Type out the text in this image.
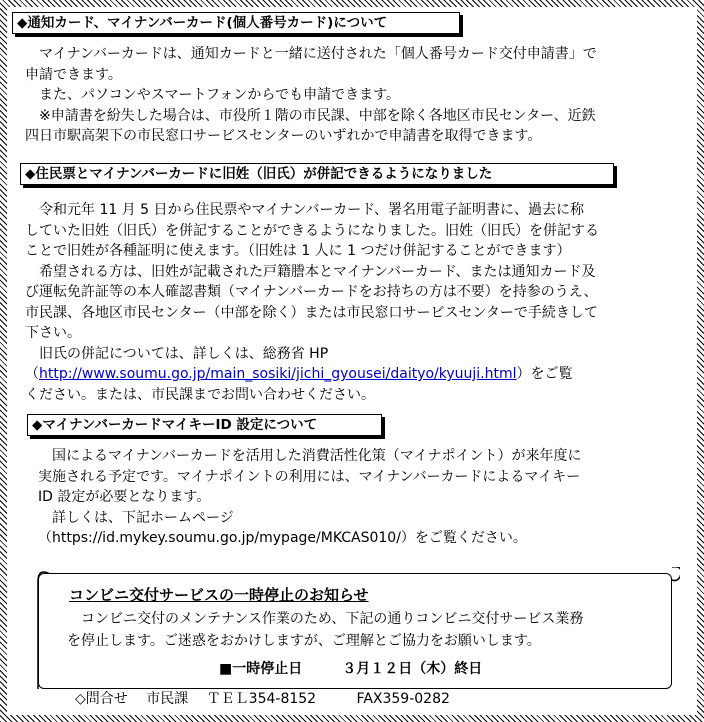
◆通知カード、マイナンバーカード(個人番号カード)について
　マイナンバーカードは、通知カードと一緒に送付された「個人番号カード交付申請書」で
申請できます。
　また、パソコンやスマートフォンからでも申請できます。
　※申請書を紛失した場合は、市役所１階の市民課、中部を除く各地区市民センター、近鉄
四日市駅高架下の市民窓口サービスセンターのいずれかで申請書を取得できます。
◆住民票とマイナンバーカードに旧姓（旧氏）が併記できるようになりました
　令和元年 11 月 5 日から住民票やマイナンバーカード、署名用電子証明書に、過去に称
していた旧姓（旧氏）を併記することができるようになりました。旧姓（旧氏）を併記する
ことで旧姓が各種証明に使えます。（旧姓は 1 人に 1 つだけ併記することができます）
　希望される方は、旧姓が記載された戸籍謄本とマイナンバーカード、または通知カード及
び運転免許証等の本人確認書類（マイナンバーカードをお持ちの方は不要）を持参のうえ、
市民課、各地区市民センター（中部を除く）または市民窓口サービスセンターで手続きして
下さい。
　旧氏の併記については、詳しくは、総務省 HP
（http://www.soumu.go.jp/main_sosiki/jichi_gyousei/daityo/kyuuji.html）をご覧
ください。または、市民課までお問い合わせください。
◆マイナンバーカードマイキーID 設定について
　国によるマイナンバーカードを活用した消費活性化策（マイナポイント）が来年度に
実施される予定です。マイナポイントの利用には、マイナンバーカードによるマイキー
ID 設定が必要となります。
　詳しくは、下記ホームページ
（https://id.mykey.soumu.go.jp/mypage/MKCAS010/）をご覧ください。
コンビニ交付サービスの一時停止のお知らせ
　コンビニ交付のメンテナンス作業のため、下記の通りコンビニ交付サービス業務
を停止します。ご迷惑をおかけしますが、ご理解とご協力をお願いします。
■一時停止日	３月１２日（木）終日
◇問合せ 市民課 ＴＥＬ354-8152	FAX359-0282
